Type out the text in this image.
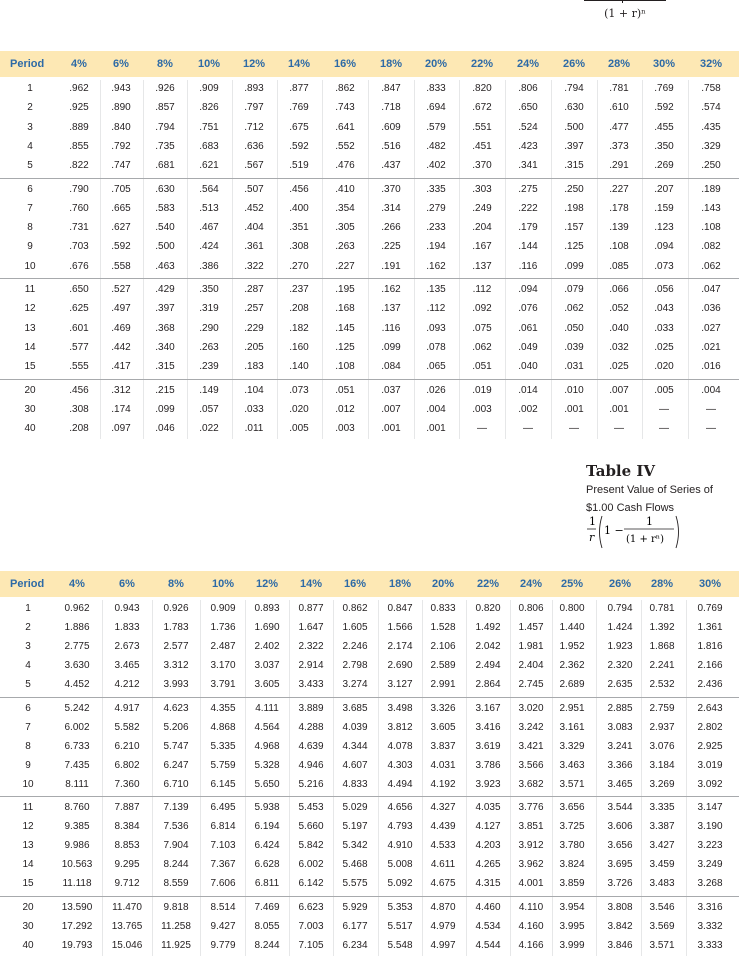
(1 + r)ⁿ
Period	4%	6%	8%	10%	12%	14%	16%	18%	20%	22%	24%	26%	28%	30%	32%
1	.962	.943	.926	.909	.893	.877	.862	.847	.833	.820	.806	.794	.781	.769	.758
2	.925	.890	.857	.826	.797	.769	.743	.718	.694	.672	.650	.630	.610	.592	.574
3	.889	.840	.794	.751	.712	.675	.641	.609	.579	.551	.524	.500	.477	.455	.435
4	.855	.792	.735	.683	.636	.592	.552	.516	.482	.451	.423	.397	.373	.350	.329
5	.822	.747	.681	.621	.567	.519	.476	.437	.402	.370	.341	.315	.291	.269	.250
6	.790	.705	.630	.564	.507	.456	.410	.370	.335	.303	.275	.250	.227	.207	.189
7	.760	.665	.583	.513	.452	.400	.354	.314	.279	.249	.222	.198	.178	.159	.143
8	.731	.627	.540	.467	.404	.351	.305	.266	.233	.204	.179	.157	.139	.123	.108
9	.703	.592	.500	.424	.361	.308	.263	.225	.194	.167	.144	.125	.108	.094	.082
10	.676	.558	.463	.386	.322	.270	.227	.191	.162	.137	.116	.099	.085	.073	.062
11	.650	.527	.429	.350	.287	.237	.195	.162	.135	.112	.094	.079	.066	.056	.047
12	.625	.497	.397	.319	.257	.208	.168	.137	.112	.092	.076	.062	.052	.043	.036
13	.601	.469	.368	.290	.229	.182	.145	.116	.093	.075	.061	.050	.040	.033	.027
14	.577	.442	.340	.263	.205	.160	.125	.099	.078	.062	.049	.039	.032	.025	.021
15	.555	.417	.315	.239	.183	.140	.108	.084	.065	.051	.040	.031	.025	.020	.016
20	.456	.312	.215	.149	.104	.073	.051	.037	.026	.019	.014	.010	.007	.005	.004
30	.308	.174	.099	.057	.033	.020	.012	.007	.004	.003	.002	.001	.001	—	—
40	.208	.097	.046	.022	.011	.005	.003	.001	.001	—	—	—	—	—	—
Table IV
Present Value of Series of
$1.00 Cash Flows
1
r
1 −
1
(1 + rⁿ)
Period	4%	6%	8%	10%	12%	14%	16%	18%	20%	22%	24%	25%	26%	28%	30%
1	0.962	0.943	0.926	0.909	0.893	0.877	0.862	0.847	0.833	0.820	0.806	0.800	0.794	0.781	0.769
2	1.886	1.833	1.783	1.736	1.690	1.647	1.605	1.566	1.528	1.492	1.457	1.440	1.424	1.392	1.361
3	2.775	2.673	2.577	2.487	2.402	2.322	2.246	2.174	2.106	2.042	1.981	1.952	1.923	1.868	1.816
4	3.630	3.465	3.312	3.170	3.037	2.914	2.798	2.690	2.589	2.494	2.404	2.362	2.320	2.241	2.166
5	4.452	4.212	3.993	3.791	3.605	3.433	3.274	3.127	2.991	2.864	2.745	2.689	2.635	2.532	2.436
6	5.242	4.917	4.623	4.355	4.111	3.889	3.685	3.498	3.326	3.167	3.020	2.951	2.885	2.759	2.643
7	6.002	5.582	5.206	4.868	4.564	4.288	4.039	3.812	3.605	3.416	3.242	3.161	3.083	2.937	2.802
8	6.733	6.210	5.747	5.335	4.968	4.639	4.344	4.078	3.837	3.619	3.421	3.329	3.241	3.076	2.925
9	7.435	6.802	6.247	5.759	5.328	4.946	4.607	4.303	4.031	3.786	3.566	3.463	3.366	3.184	3.019
10	8.111	7.360	6.710	6.145	5.650	5.216	4.833	4.494	4.192	3.923	3.682	3.571	3.465	3.269	3.092
11	8.760	7.887	7.139	6.495	5.938	5.453	5.029	4.656	4.327	4.035	3.776	3.656	3.544	3.335	3.147
12	9.385	8.384	7.536	6.814	6.194	5.660	5.197	4.793	4.439	4.127	3.851	3.725	3.606	3.387	3.190
13	9.986	8.853	7.904	7.103	6.424	5.842	5.342	4.910	4.533	4.203	3.912	3.780	3.656	3.427	3.223
14	10.563	9.295	8.244	7.367	6.628	6.002	5.468	5.008	4.611	4.265	3.962	3.824	3.695	3.459	3.249
15	11.118	9.712	8.559	7.606	6.811	6.142	5.575	5.092	4.675	4.315	4.001	3.859	3.726	3.483	3.268
20	13.590	11.470	9.818	8.514	7.469	6.623	5.929	5.353	4.870	4.460	4.110	3.954	3.808	3.546	3.316
30	17.292	13.765	11.258	9.427	8.055	7.003	6.177	5.517	4.979	4.534	4.160	3.995	3.842	3.569	3.332
40	19.793	15.046	11.925	9.779	8.244	7.105	6.234	5.548	4.997	4.544	4.166	3.999	3.846	3.571	3.333
